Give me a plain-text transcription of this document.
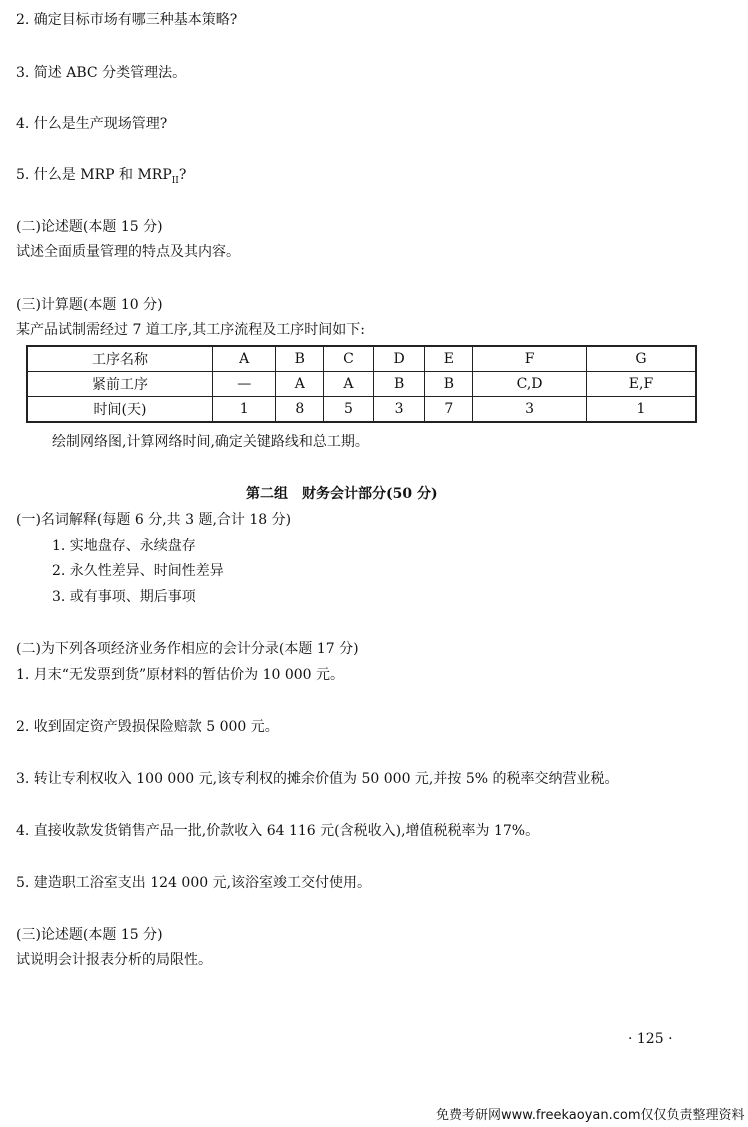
2. 确定目标市场有哪三种基本策略?
3. 简述 ABC 分类管理法。
4. 什么是生产现场管理?
5. 什么是 MRP 和 $MRP_{II}$?
(二)论述题(本题 15 分)
试述全面质量管理的特点及其内容。
(三)计算题(本题 10 分)
某产品试制需经过 7 道工序,其工序流程及工序时间如下:
工序名称	A	B	C	D	E	F	G
紧前工序	—	A	A	B	B	C,D	E,F
时间(天)	1	8	5	3	7	3	1
绘制网络图,计算网络时间,确定关键路线和总工期。
第二组　财务会计部分(50 分)
(一)名词解释(每题 6 分,共 3 题,合计 18 分)
1. 实地盘存、永续盘存
2. 永久性差异、时间性差异
3. 或有事项、期后事项
(二)为下列各项经济业务作相应的会计分录(本题 17 分)
1. 月末“无发票到货”原材料的暂估价为 10 000 元。
2. 收到固定资产毁损保险赔款 5 000 元。
3. 转让专利权收入 100 000 元,该专利权的摊余价值为 50 000 元,并按 5% 的税率交纳营业税。
4. 直接收款发货销售产品一批,价款收入 64 116 元(含税收入),增值税税率为 17%。
5. 建造职工浴室支出 124 000 元,该浴室竣工交付使用。
(三)论述题(本题 15 分)
试说明会计报表分析的局限性。
· 125 ·
免费考研网www.freekaoyan.com仅仅负责整理资料
